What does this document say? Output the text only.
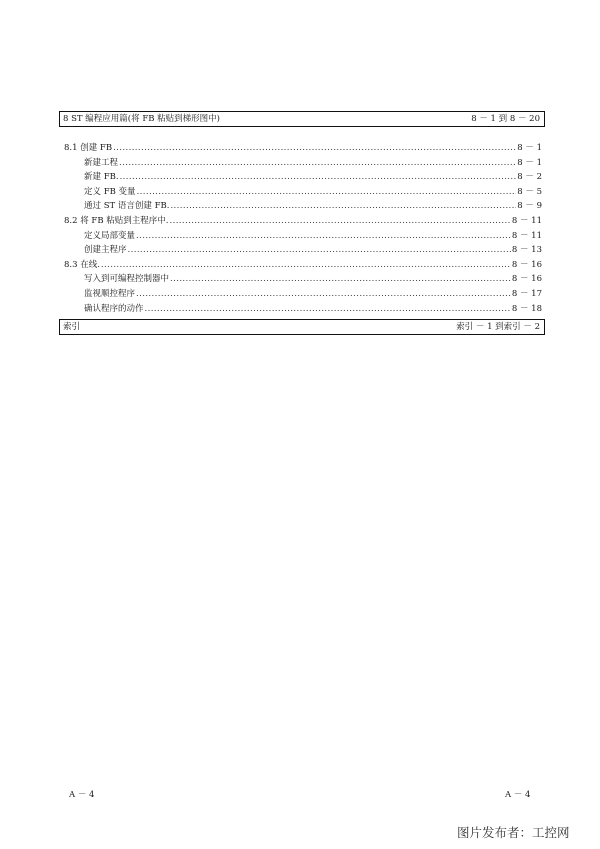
8 ST 编程应用篇(将 FB 粘贴到梯形图中)	8 － 1 到 8 － 20
8.1 创建 FB .....	8 － 1
新建工程 .....	8 － 1
新建 FB. .....	8 － 2
定义 FB 变量 .....	8 － 5
通过 ST 语言创建 FB. .....	8 － 9
8.2 将 FB 粘贴到主程序中. .....	8 － 11
定义局部变量 .....	8 － 11
创建主程序 .....	8 － 13
8.3 在线. .....	8 － 16
写入到可编程控制器中 .....	8 － 16
监视顺控程序 .....	8 － 17
确认程序的动作 .....	8 － 18
索引	索引 － 1 到索引 － 2
A － 4	A － 4
图片发布者：工控网
